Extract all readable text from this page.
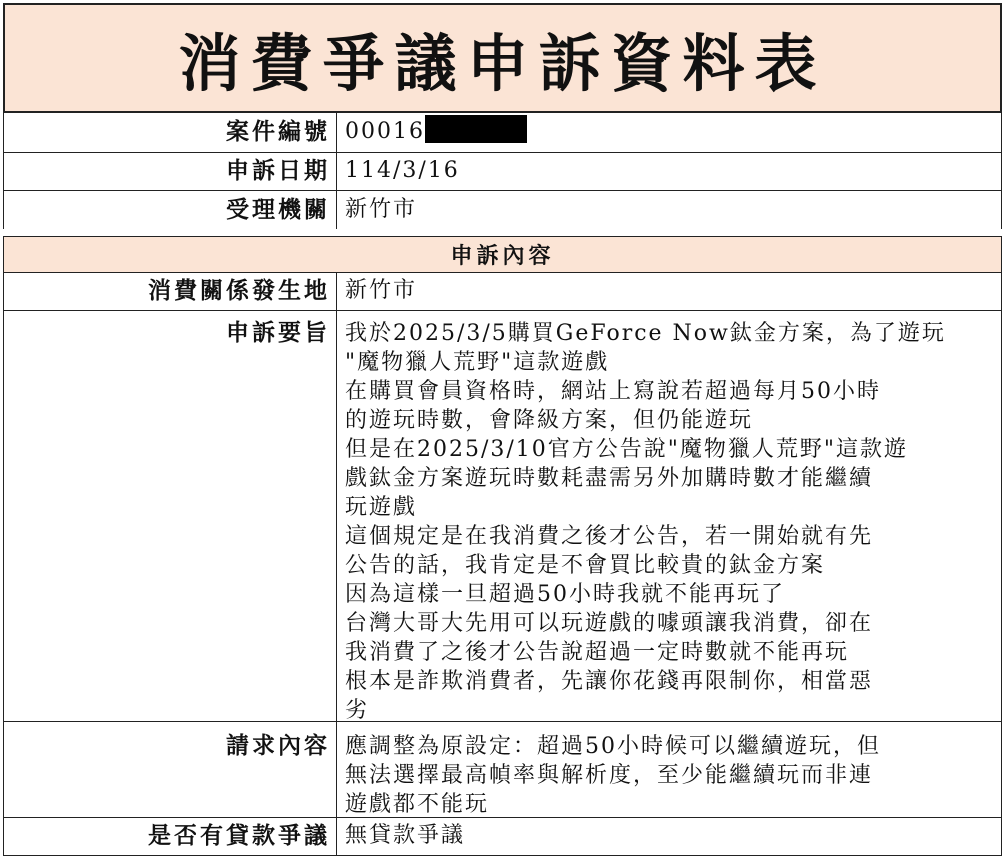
消費爭議申訴資料表
案件編號 00016
申訴日期 114/3/16
受理機關 新竹市
申訴內容
消費關係發生地 新竹市
申訴要旨 我於2025/3/5購買GeForce Now鈦金方案，為了遊玩
"魔物獵人荒野"這款遊戲
在購買會員資格時，網站上寫說若超過每月50小時
的遊玩時數，會降級方案，但仍能遊玩
但是在2025/3/10官方公告說"魔物獵人荒野"這款遊
戲鈦金方案遊玩時數耗盡需另外加購時數才能繼續
玩遊戲
這個規定是在我消費之後才公告，若一開始就有先
公告的話，我肯定是不會買比較貴的鈦金方案
因為這樣一旦超過50小時我就不能再玩了
台灣大哥大先用可以玩遊戲的噱頭讓我消費，卻在
我消費了之後才公告說超過一定時數就不能再玩
根本是詐欺消費者，先讓你花錢再限制你，相當惡
劣
請求內容 應調整為原設定：超過50小時候可以繼續遊玩，但
無法選擇最高幀率與解析度，至少能繼續玩而非連
遊戲都不能玩
是否有貸款爭議 無貸款爭議
